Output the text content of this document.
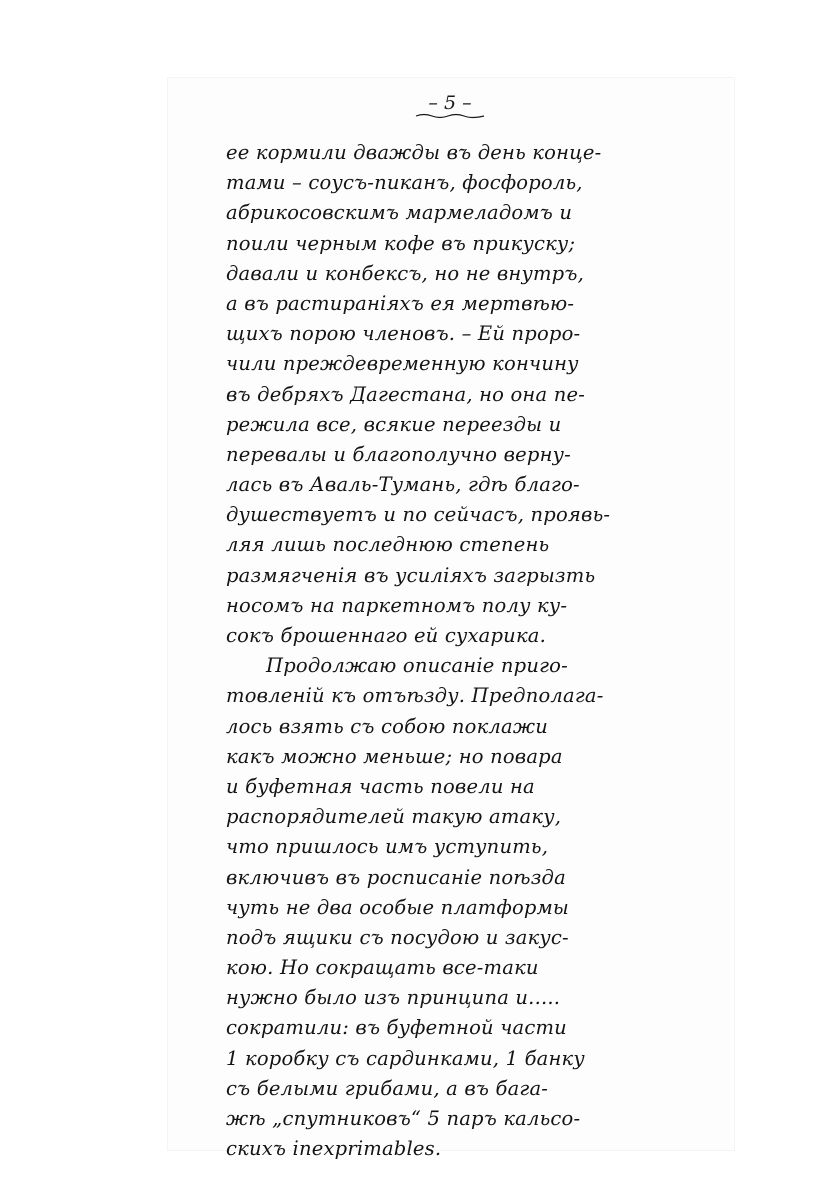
– 5 –
ее кормили дважды въ день конце-
тами – соусъ-пиканъ, фосфороль,
абрикосовскимъ мармеладомъ и
поили черным кофе въ прикуску;
давали и конбексъ, но не внутръ,
а въ растиранiяхъ ея мертвѣю-
щихъ порою членовъ. – Ей проро-
чили преждевременную кончину
въ дебряхъ Дагестана, но она пе-
режила все, всякие переезды и
перевалы и благополучно верну-
лась въ Аваль-Тумань, гдѣ благо-
душествуетъ и по сейчасъ, проявь-
ляя лишь последнюю степень
размягченiя въ усилiяхъ загрызть
носомъ на паркетномъ полу ку-
сокъ брошеннаго ей сухарика.
Продолжаю описанiе приго-
товленiй къ отъѣзду. Предполага-
лось взять съ собою поклажи
какъ можно меньше; но повара
и буфетная часть повели на
распорядителей такую атаку,
что пришлось имъ уступить,
включивъ въ росписанiе поѣзда
чуть не два особые платформы
подъ ящики съ посудою и закус-
кою. Но сокращать все-таки
нужно было изъ принципа и.....
сократили: въ буфетной части
1 коробку съ сардинками, 1 банку
съ белыми грибами, а въ бага-
жѣ „спутниковъ“ 5 паръ кальсо-
скихъ inexprimables.
